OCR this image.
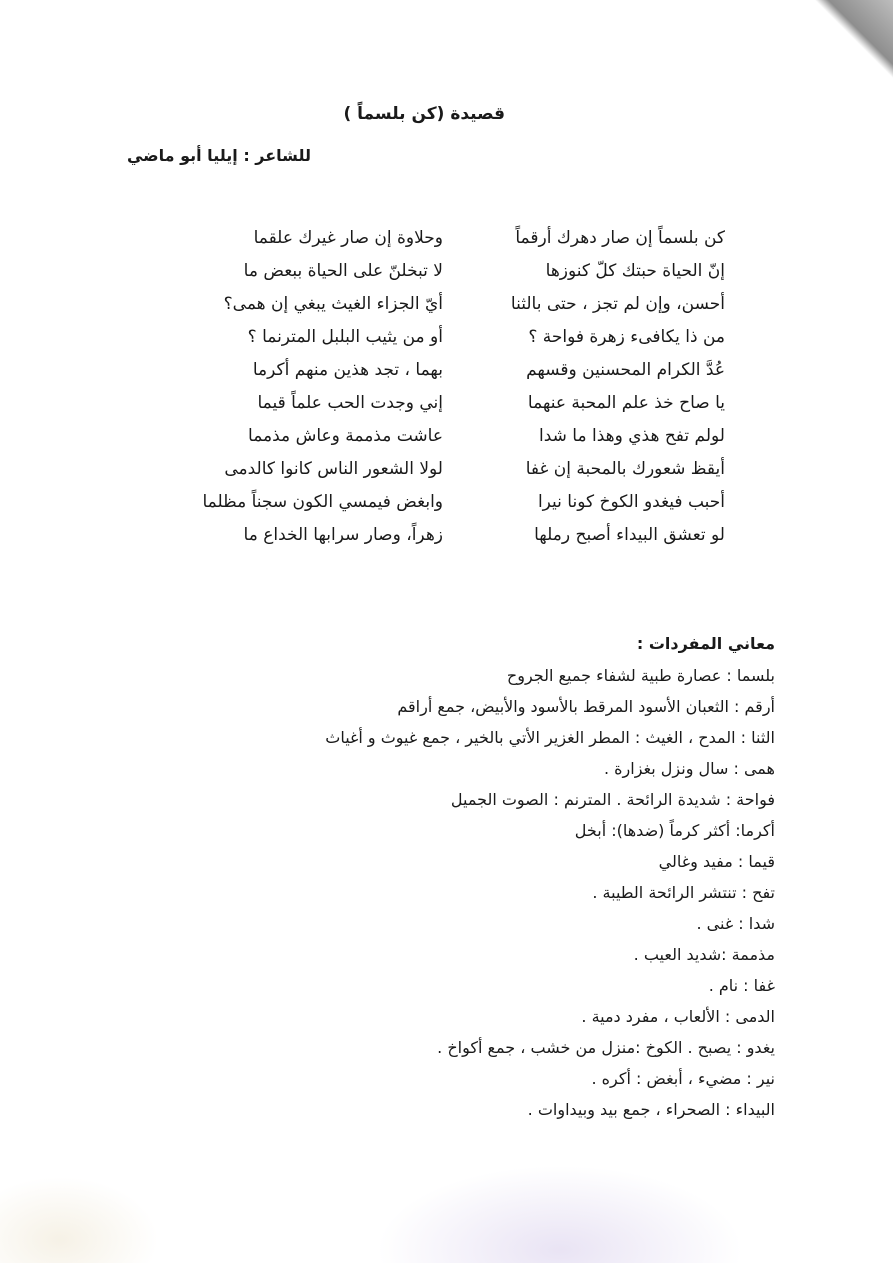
قصيدة (كن بلسماً )
للشاعر : إيليا أبو ماضي
كن بلسماً إن صار دهرك أرقماً
وحلاوة إن صار غيرك علقما
إنّ الحياة حبتك كلّ كنوزها
لا تبخلنّ على الحياة ببعض ما
أحسن، وإن لم تجز ، حتى بالثنا
أيّ الجزاء الغيث يبغي إن همى؟
من ذا يكافىء زهرة فواحة ؟
أو من يثيب البلبل المترنما ؟
عُدَّ الكرام المحسنين وقسهم
بهما ، تجد هذين منهم أكرما
يا صاح خذ علم المحبة عنهما
إني وجدت الحب علماً قيما
لولم تفح هذي وهذا ما شدا
عاشت مذممة وعاش مذمما
أيقظ شعورك بالمحبة إن غفا
لولا الشعور الناس كانوا كالدمى
أحبب فيغدو الكوخ كونا نيرا
وابغض فيمسي الكون سجناً مظلما
لو تعشق البيداء أصبح رملها
زهراً، وصار سرابها الخداع ما
معاني المفردات :
بلسما : عصارة طبية لشفاء جميع الجروح
أرقم : الثعبان الأسود المرقط بالأسود والأبيض، جمع أراقم
الثنا : المدح ، الغيث : المطر الغزير الأتي بالخير ، جمع غيوث و أغياث
همى : سال ونزل بغزارة .
فواحة : شديدة الرائحة . المترنم : الصوت الجميل
أكرما: أكثر كرماً (ضدها): أبخل
قيما : مفيد وغالي
تفح : تنتشر الرائحة الطيبة .
شدا : غنى .
مذممة :شديد العيب .
غفا : نام .
الدمى : الألعاب ، مفرد دمية .
يغدو : يصبح . الكوخ :منزل من خشب ، جمع أكواخ .
نير : مضيء ، أبغض : أكره .
البيداء : الصحراء ، جمع بيد وبيداوات .
